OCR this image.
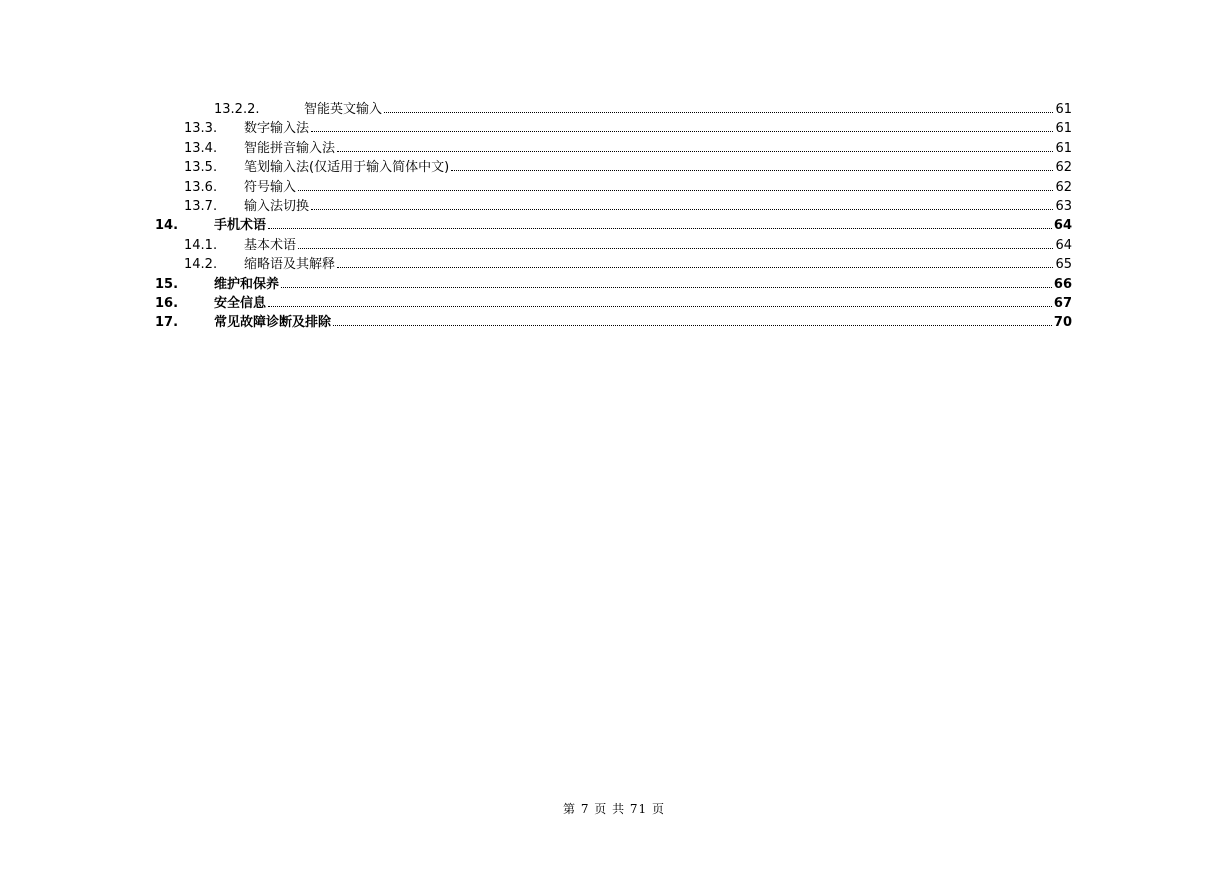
13.2.2.	智能英文输入	61
13.3. 数字输入法	61
13.4. 智能拼音输入法	61
13.5. 笔划输入法(仅适用于输入简体中文)	62
13.6. 符号输入	62
13.7. 输入法切换	63
14.	手机术语	64
14.1. 基本术语	64
14.2. 缩略语及其解释	65
15.	维护和保养	66
16.	安全信息	67
17.	常见故障诊断及排除	70
第 7 页 共 71 页
